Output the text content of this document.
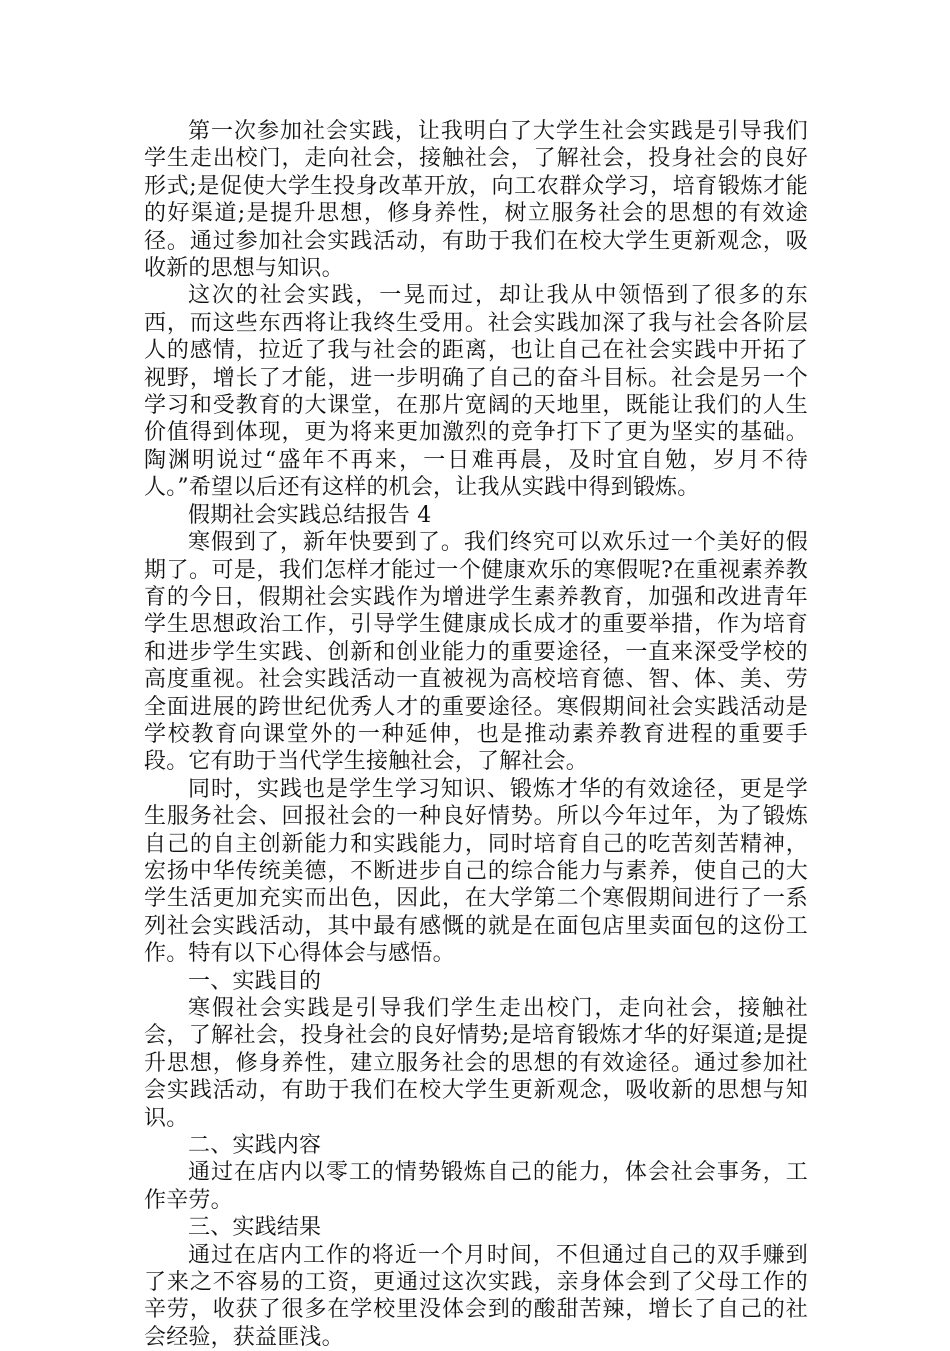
第一次参加社会实践，让我明白了大学生社会实践是引导我们学生走出校门，走向社会，接触社会，了解社会，投身社会的良好形式;是促使大学生投身改革开放，向工农群众学习，培育锻炼才能的好渠道;是提升思想，修身养性，树立服务社会的思想的有效途径。通过参加社会实践活动，有助于我们在校大学生更新观念，吸收新的思想与知识。

这次的社会实践，一晃而过，却让我从中领悟到了很多的东西，而这些东西将让我终生受用。社会实践加深了我与社会各阶层人的感情，拉近了我与社会的距离，也让自己在社会实践中开拓了视野，增长了才能，进一步明确了自己的奋斗目标。社会是另一个学习和受教育的大课堂，在那片宽阔的天地里，既能让我们的人生价值得到体现，更为将来更加激烈的竞争打下了更为坚实的基础。陶渊明说过“盛年不再来，一日难再晨，及时宜自勉，岁月不待人。”希望以后还有这样的机会，让我从实践中得到锻炼。

假期社会实践总结报告 4

寒假到了，新年快要到了。我们终究可以欢乐过一个美好的假期了。可是，我们怎样才能过一个健康欢乐的寒假呢?在重视素养教育的今日，假期社会实践作为增进学生素养教育，加强和改进青年学生思想政治工作，引导学生健康成长成才的重要举措，作为培育和进步学生实践、创新和创业能力的重要途径，一直来深受学校的高度重视。社会实践活动一直被视为高校培育德、智、体、美、劳全面进展的跨世纪优秀人才的重要途径。寒假期间社会实践活动是学校教育向课堂外的一种延伸，也是推动素养教育进程的重要手段。它有助于当代学生接触社会，了解社会。

同时，实践也是学生学习知识、锻炼才华的有效途径，更是学生服务社会、回报社会的一种良好情势。所以今年过年，为了锻炼自己的自主创新能力和实践能力，同时培育自己的吃苦刻苦精神，宏扬中华传统美德，不断进步自己的综合能力与素养，使自己的大学生活更加充实而出色，因此，在大学第二个寒假期间进行了一系列社会实践活动，其中最有感慨的就是在面包店里卖面包的这份工作。特有以下心得体会与感悟。

一、实践目的

寒假社会实践是引导我们学生走出校门，走向社会，接触社会，了解社会，投身社会的良好情势;是培育锻炼才华的好渠道;是提升思想，修身养性，建立服务社会的思想的有效途径。通过参加社会实践活动，有助于我们在校大学生更新观念，吸收新的思想与知识。

二、实践内容

通过在店内以零工的情势锻炼自己的能力，体会社会事务，工作辛劳。

三、实践结果

通过在店内工作的将近一个月时间，不但通过自己的双手赚到了来之不容易的工资，更通过这次实践，亲身体会到了父母工作的辛劳，收获了很多在学校里没体会到的酸甜苦辣，增长了自己的社会经验，获益匪浅。
